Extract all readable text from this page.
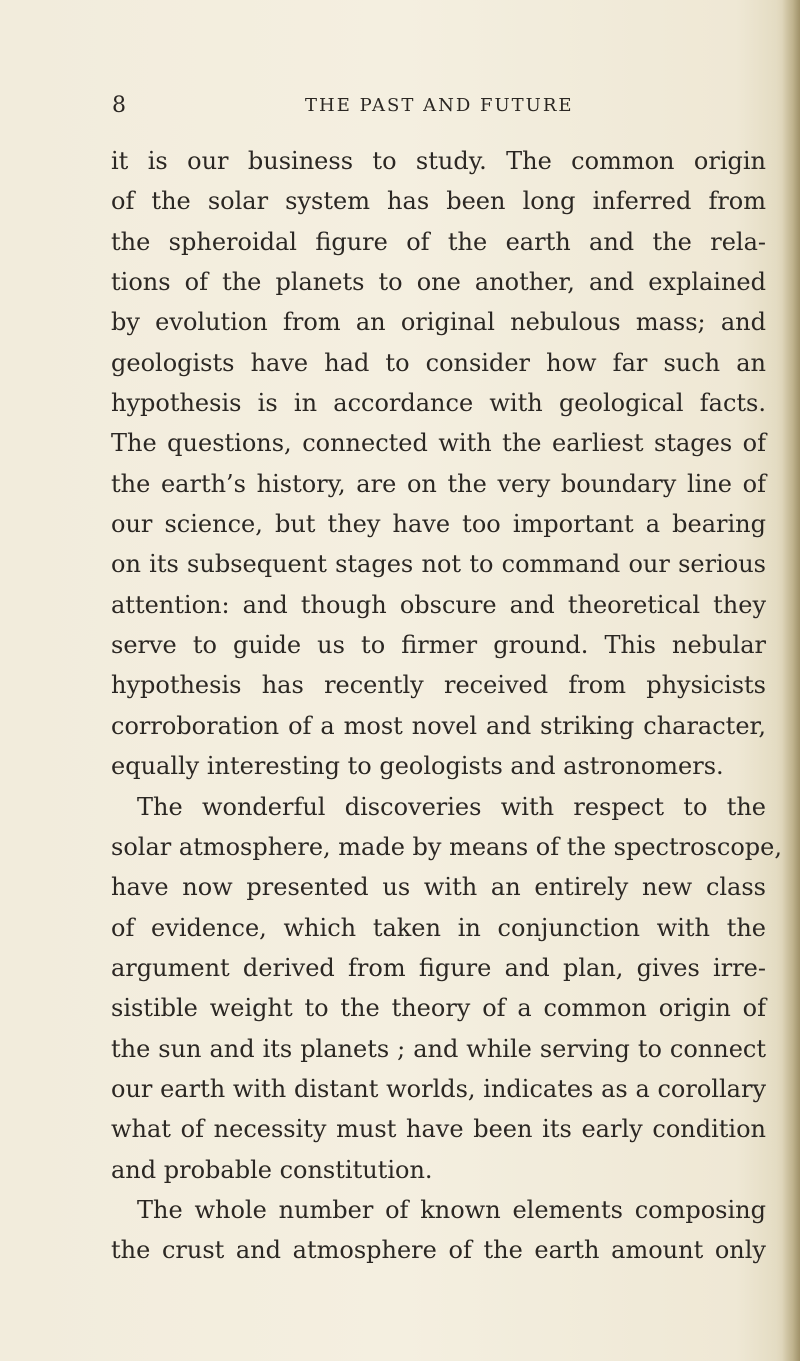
8	THE PAST AND FUTURE
it is our business to study. The common origin
of the solar system has been long inferred from
the spheroidal figure of the earth and the rela-
tions of the planets to one another, and explained
by evolution from an original nebulous mass; and
geologists have had to consider how far such an
hypothesis is in accordance with geological facts.
The questions, connected with the earliest stages of
the earth’s history, are on the very boundary line of
our science, but they have too important a bearing
on its subsequent stages not to command our serious
attention: and though obscure and theoretical they
serve to guide us to firmer ground. This nebular
hypothesis has recently received from physicists
corroboration of a most novel and striking character,
equally interesting to geologists and astronomers.
The wonderful discoveries with respect to the
solar atmosphere, made by means of the spectroscope,
have now presented us with an entirely new class
of evidence, which taken in conjunction with the
argument derived from figure and plan, gives irre-
sistible weight to the theory of a common origin of
the sun and its planets ; and while serving to connect
our earth with distant worlds, indicates as a corollary
what of necessity must have been its early condition
and probable constitution.
The whole number of known elements composing
the crust and atmosphere of the earth amount only
